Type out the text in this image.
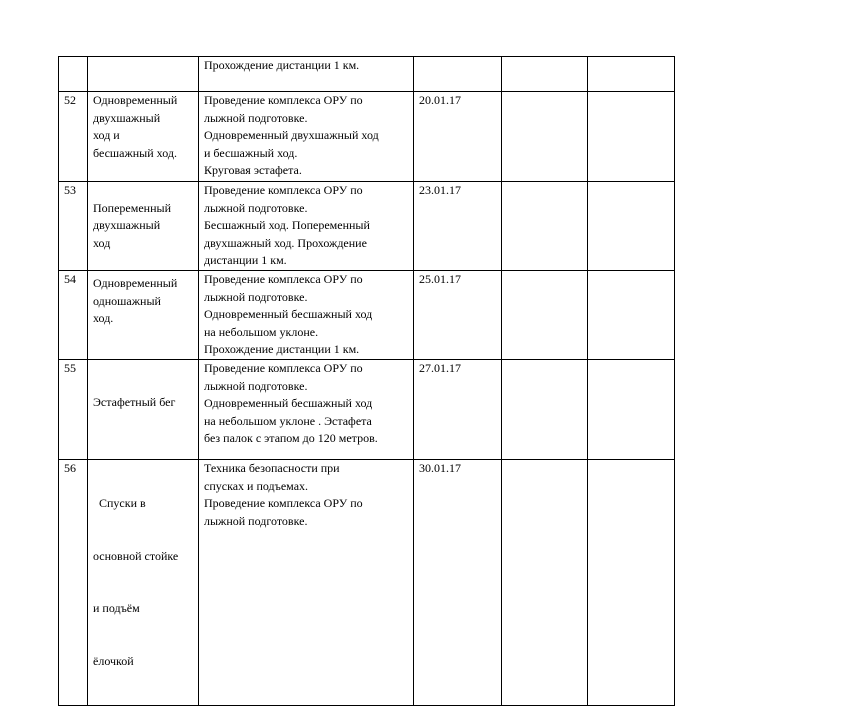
		Прохождение дистанции 1 км.			
52	Одновременный
двухшажный
ход и
бесшажный ход.	Проведение комплекса ОРУ по
лыжной подготовке.
Одновременный двухшажный ход
и бесшажный ход.
Круговая эстафета.	20.01.17		
53	Попеременный
двухшажный
ход	Проведение комплекса ОРУ по
лыжной подготовке.
Бесшажный ход. Попеременный
двухшажный ход. Прохождение
дистанции 1 км.	23.01.17		
54	Одновременный
одношажный
ход.	Проведение комплекса ОРУ по
лыжной подготовке.
Одновременный бесшажный ход
на небольшом уклоне.
Прохождение дистанции 1 км.	25.01.17		
55	Эстафетный бег	Проведение комплекса ОРУ по
лыжной подготовке.
Одновременный бесшажный ход
на небольшом уклоне . Эстафета
без палок с этапом до 120 метров.	27.01.17		
56	Спуски в

основной стойке

и подъём

ёлочкой	Техника безопасности при
спусках и подъемах.
Проведение комплекса ОРУ по
лыжной подготовке.	30.01.17		
